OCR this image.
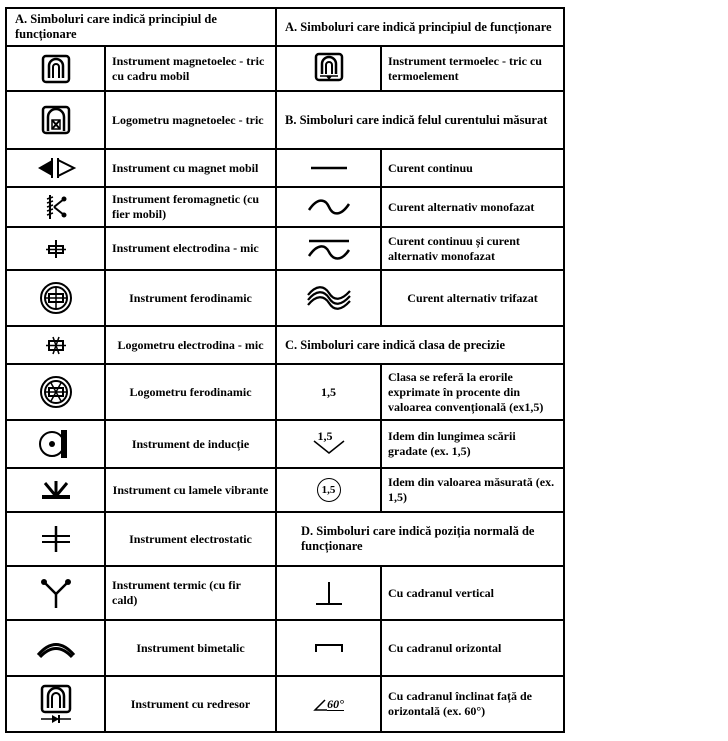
A. Simboluri care indică principiul de funcționare
A. Simboluri care indică principiul de funcționare
Instrument magnetoelec - tric cu cadru mobil
Logometru magnetoelec - tric
Instrument cu magnet mobil
Instrument feromagnetic (cu fier mobil)
Instrument electrodina - mic
Instrument ferodinamic
Logometru electrodina - mic
Logometru ferodinamic
Instrument de inducție
Instrument cu lamele vibrante
Instrument electrostatic
Instrument termic (cu fir cald)
Instrument bimetalic
Instrument cu redresor
Instrument termoelec - tric cu termoelement
B. Simboluri care indică felul curentului măsurat
Curent continuu
Curent alternativ monofazat
Curent continuu și curent alternativ monofazat
Curent alternativ trifazat
C. Simboluri care indică clasa de precizie
1,5
Clasa se referă la erorile exprimate în procente din valoarea convențională (ex1,5)
1,5	Idem din lungimea scării gradate (ex. 1,5)
1,5
Idem din valoarea măsurată (ex. 1,5)
D. Simboluri care indică poziția normală de funcționare
Cu cadranul vertical
Cu cadranul orizontal
60°
Cu cadranul înclinat față de orizontală (ex. 60°)
